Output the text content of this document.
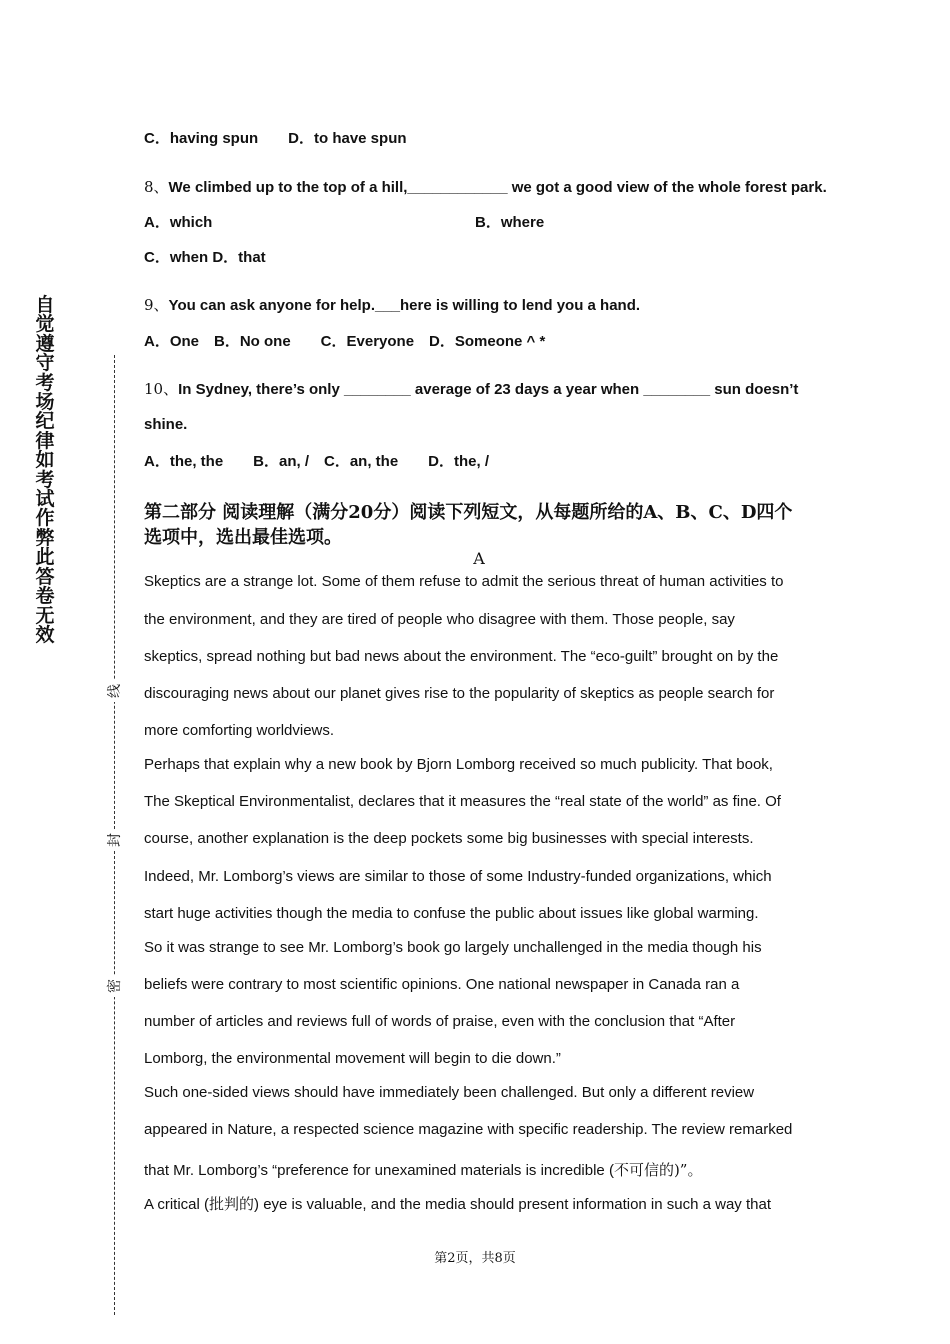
自觉遵守考场纪律如考试作弊此答卷无效
线
封
密
C．having spun　　D．to have spun
8、We climbed up to the top of a hill,____________ we got a good view of the whole forest park.
A．which	B．where
C．when D．that
9、You can ask anyone for help.___here is willing to lend you a hand.
A．One　B．No one　　C．Everyone　D．Someone ^ *
10、In Sydney, there’s only ________ average of 23 days a year when ________ sun doesn’t
shine.
A．the, the　　B．an, /　C．an, the　　D．the, /
第二部分 阅读理解（满分20分）阅读下列短文，从每题所给的A、B、C、D四个
选项中，选出最佳选项。
A
Skeptics are a strange lot. Some of them refuse to admit the serious threat of human activities to
the environment, and they are tired of people who disagree with them. Those people, say
skeptics, spread nothing but bad news about the environment. The “eco-guilt” brought on by the
discouraging news about our planet gives rise to the popularity of skeptics as people search for
more comforting worldviews.
Perhaps that explain why a new book by Bjorn Lomborg received so much publicity. That book,
The Skeptical Environmentalist, declares that it measures the “real state of the world” as fine. Of
course, another explanation is the deep pockets some big businesses with special interests.
Indeed, Mr. Lomborg’s views are similar to those of some Industry-funded organizations, which
start huge activities though the media to confuse the public about issues like global warming.
So it was strange to see Mr. Lomborg’s book go largely unchallenged in the media though his
beliefs were contrary to most scientific opinions. One national newspaper in Canada ran a
number of articles and reviews full of words of praise, even with the conclusion that “After
Lomborg, the environmental movement will begin to die down.”
Such one-sided views should have immediately been challenged. But only a different review
appeared in Nature, a respected science magazine with specific readership. The review remarked
that Mr. Lomborg’s “preference for unexamined materials is incredible (不可信的)”。
A critical (批判的) eye is valuable, and the media should present information in such a way that
第2页，共8页
